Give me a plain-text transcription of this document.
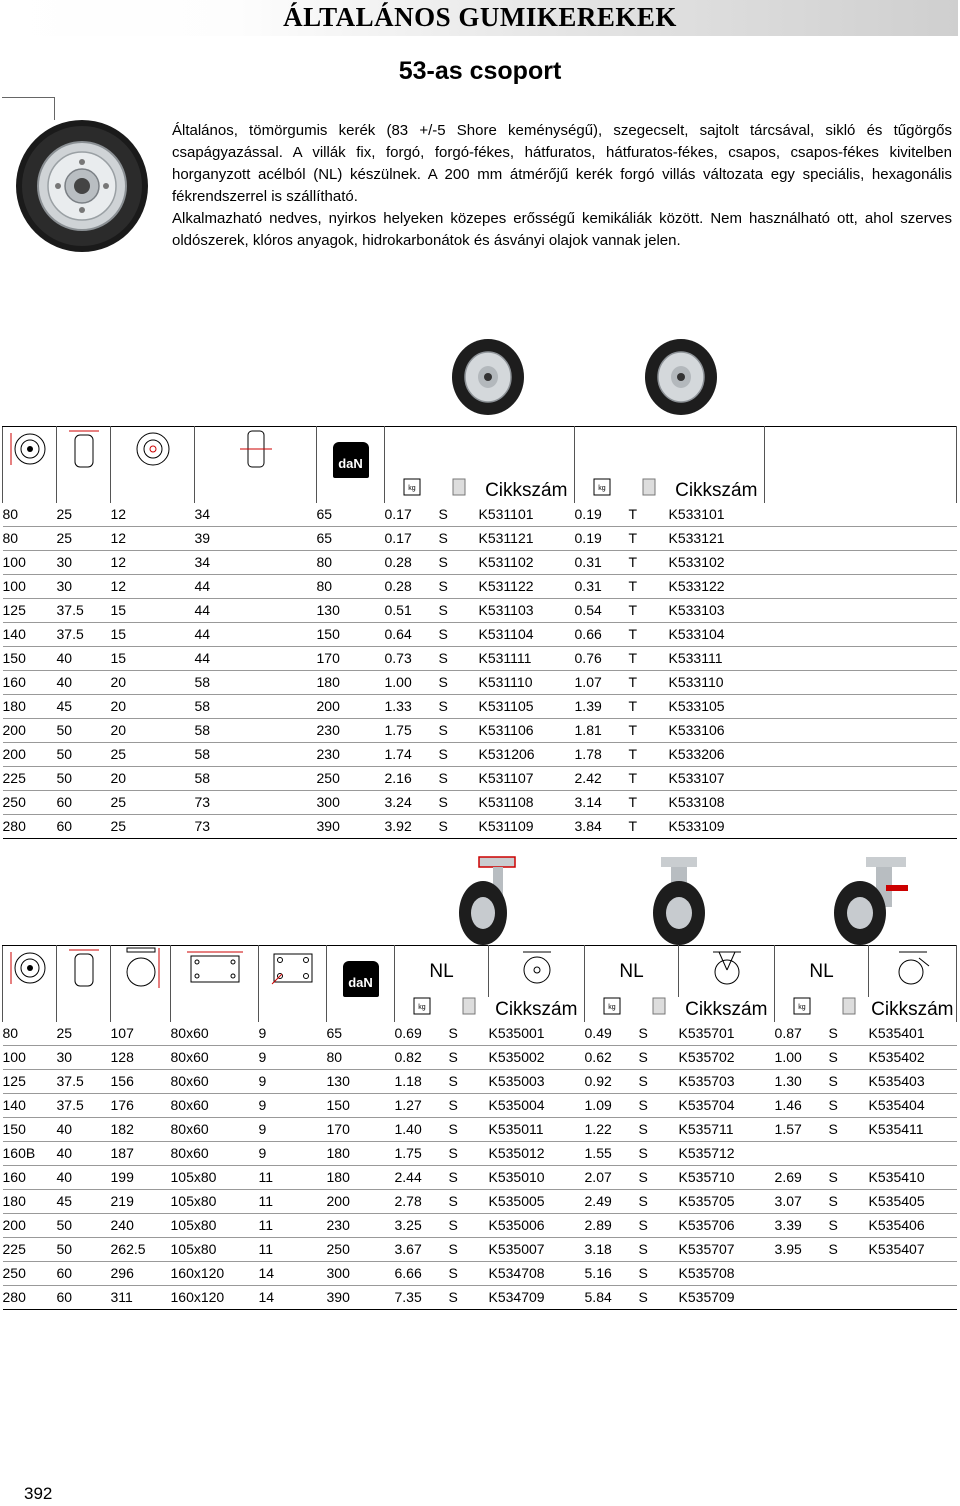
ÁLTALÁNOS GUMIKEREKEK
53-as csoport

Általános, tömörgumis kerék (83 +/-5 Shore keménységű), szegecselt, sajtolt tárcsával, sikló és tűgörgős csapágyazással. A villák fix, forgó, forgó-fékes, hátfuratos, hátfuratos-fékes, csapos, csapos-fékes kivitelben horganyzott acélból (NL) készülnek. A 200 mm átmérőjű kerék forgó villás változata egy speciális, hexagonális fékrendszerrel is szállítható.

Alkalmazható nedves, nyirkos helyeken közepes erősségű kemikáliák között. Nem használható ott, ahol szerves oldószerek, klóros anyagok, hidrokarbonátok és ásványi olajok vannak jelen.

				daN							

kg		Cikkszám	kg		Cikkszám	
80	25	12	34	65	0.17	S	K531101	0.19	T	K533101	
80	25	12	39	65	0.17	S	K531121	0.19	T	K533121	
100	30	12	34	80	0.28	S	K531102	0.31	T	K533102	
100	30	12	44	80	0.28	S	K531122	0.31	T	K533122	
125	37.5	15	44	130	0.51	S	K531103	0.54	T	K533103	
140	37.5	15	44	150	0.64	S	K531104	0.66	T	K533104	
150	40	15	44	170	0.73	S	K531111	0.76	T	K533111	
160	40	20	58	180	1.00	S	K531110	1.07	T	K533110	
180	45	20	58	200	1.33	S	K531105	1.39	T	K533105	
200	50	20	58	230	1.75	S	K531106	1.81	T	K533106	
200	50	25	58	230	1.74	S	K531206	1.78	T	K533206	
225	50	20	58	250	2.16	S	K531107	2.42	T	K533107	
250	60	25	73	300	3.24	S	K531108	3.14	T	K533108	
280	60	25	73	390	3.92	S	K531109	3.84	T	K533109	
					daN	NL			NL			NL	

kg		Cikkszám	kg		Cikkszám	kg		Cikkszám
80	25	107	80x60	9	65	0.69	S	K535001	0.49	S	K535701	0.87	S	K535401
100	30	128	80x60	9	80	0.82	S	K535002	0.62	S	K535702	1.00	S	K535402
125	37.5	156	80x60	9	130	1.18	S	K535003	0.92	S	K535703	1.30	S	K535403
140	37.5	176	80x60	9	150	1.27	S	K535004	1.09	S	K535704	1.46	S	K535404
150	40	182	80x60	9	170	1.40	S	K535011	1.22	S	K535711	1.57	S	K535411
160B	40	187	80x60	9	180	1.75	S	K535012	1.55	S	K535712			
160	40	199	105x80	11	180	2.44	S	K535010	2.07	S	K535710	2.69	S	K535410
180	45	219	105x80	11	200	2.78	S	K535005	2.49	S	K535705	3.07	S	K535405
200	50	240	105x80	11	230	3.25	S	K535006	2.89	S	K535706	3.39	S	K535406
225	50	262.5	105x80	11	250	3.67	S	K535007	3.18	S	K535707	3.95	S	K535407
250	60	296	160x120	14	300	6.66	S	K534708	5.16	S	K535708			
280	60	311	160x120	14	390	7.35	S	K534709	5.84	S	K535709			
392
